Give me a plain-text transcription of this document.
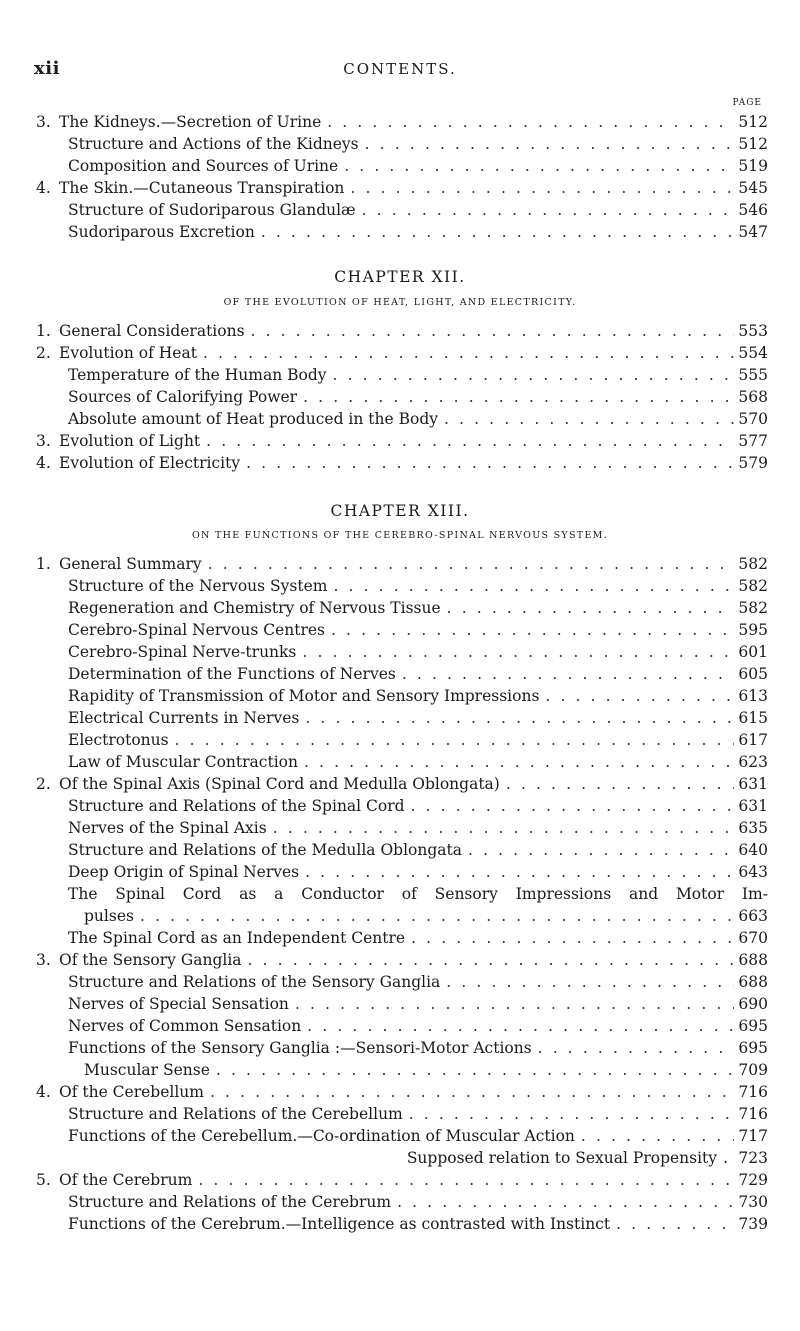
xii	CONTENTS.
PAGE
3. The Kidneys.—Secretion of Urine . . .	512
Structure and Actions of the Kidneys . . .	512
Composition and Sources of Urine . . .	519
4. The Skin.—Cutaneous Transpiration . . .	545
Structure of Sudoriparous Glandulæ . . .	546
Sudoriparous Excretion . . .	547
CHAPTER XII.
OF THE EVOLUTION OF HEAT, LIGHT, AND ELECTRICITY.
1. General Considerations . . .	553
2. Evolution of Heat . . .	554
Temperature of the Human Body . . .	555
Sources of Calorifying Power . . .	568
Absolute amount of Heat produced in the Body . . .	570
3. Evolution of Light . . .	577
4. Evolution of Electricity . . .	579
CHAPTER XIII.
ON THE FUNCTIONS OF THE CEREBRO-SPINAL NERVOUS SYSTEM.
1. General Summary . . .	582
Structure of the Nervous System . . .	582
Regeneration and Chemistry of Nervous Tissue . . .	582
Cerebro-Spinal Nervous Centres . . .	595
Cerebro-Spinal Nerve-trunks . . .	601
Determination of the Functions of Nerves . . .	605
Rapidity of Transmission of Motor and Sensory Impressions . . .	613
Electrical Currents in Nerves . . .	615
Electrotonus . . .	617
Law of Muscular Contraction . . .	623
2. Of the Spinal Axis (Spinal Cord and Medulla Oblongata) . . .	631
Structure and Relations of the Spinal Cord . . .	631
Nerves of the Spinal Axis . . .	635
Structure and Relations of the Medulla Oblongata . . .	640
Deep Origin of Spinal Nerves . . .	643
The Spinal Cord as a Conductor of Sensory Impressions and Motor Im-
pulses . . .	663
The Spinal Cord as an Independent Centre . . .	670
3. Of the Sensory Ganglia . . .	688
Structure and Relations of the Sensory Ganglia . . .	688
Nerves of Special Sensation . . .	690
Nerves of Common Sensation . . .	695
Functions of the Sensory Ganglia :—Sensori-Motor Actions . . .	695
Muscular Sense . . .	709
4. Of the Cerebellum . . .	716
Structure and Relations of the Cerebellum . . .	716
Functions of the Cerebellum.—Co-ordination of Muscular Action . . .	717
Supposed relation to Sexual Propensity . 723
5. Of the Cerebrum . . .	729
Structure and Relations of the Cerebrum . . .	730
Functions of the Cerebrum.—Intelligence as contrasted with Instinct . . .	739
